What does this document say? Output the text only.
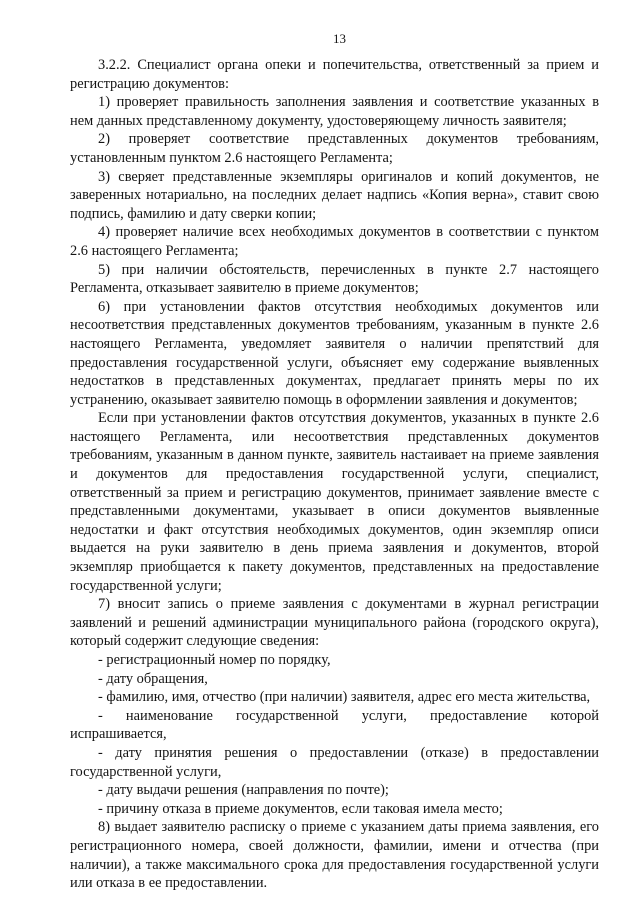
13

3.2.2. Специалист органа опеки и попечительства, ответственный за прием и регистрацию документов:

1) проверяет правильность заполнения заявления и соответствие указанных в нем данных представленному документу, удостоверяющему личность заявителя;

2) проверяет соответствие представленных документов требованиям, установленным пунктом 2.6 настоящего Регламента;

3) сверяет представленные экземпляры оригиналов и копий документов, не заверенных нотариально, на последних делает надпись «Копия верна», ставит свою подпись, фамилию и дату сверки копии;

4) проверяет наличие всех необходимых документов в соответствии с пунктом 2.6 настоящего Регламента;

5) при наличии обстоятельств, перечисленных в пункте 2.7 настоящего Регламента, отказывает заявителю в приеме документов;

6) при установлении фактов отсутствия необходимых документов или несоответствия представленных документов требованиям, указанным в пункте 2.6 настоящего Регламента, уведомляет заявителя о наличии препятствий для предоставления государственной услуги, объясняет ему содержание выявленных недостатков в представленных документах, предлагает принять меры по их устранению, оказывает заявителю помощь в оформлении заявления и документов;

Если при установлении фактов отсутствия документов, указанных в пункте 2.6 настоящего Регламента, или несоответствия представленных документов требованиям, указанным в данном пункте, заявитель настаивает на приеме заявления и документов для предоставления государственной услуги, специалист, ответственный за прием и регистрацию документов, принимает заявление вместе с представленными документами, указывает в описи документов выявленные недостатки и факт отсутствия необходимых документов, один экземпляр описи выдается на руки заявителю в день приема заявления и документов, второй экземпляр приобщается к пакету документов, представленных на предоставление государственной услуги;

7) вносит запись о приеме заявления с документами в журнал регистрации заявлений и решений администрации муниципального района (городского округа), который содержит следующие сведения:

- регистрационный номер по порядку,

- дату обращения,

- фамилию, имя, отчество (при наличии) заявителя, адрес его места жительства,

- наименование государственной услуги, предоставление которой испрашивается,

- дату принятия решения о предоставлении (отказе) в предоставлении государственной услуги,

- дату выдачи решения (направления по почте);

- причину отказа в приеме документов, если таковая имела место;

8) выдает заявителю расписку о приеме с указанием даты приема заявления, его регистрационного номера, своей должности, фамилии, имени и отчества (при наличии), а также максимального срока для предоставления государственной услуги или отказа в ее предоставлении.
